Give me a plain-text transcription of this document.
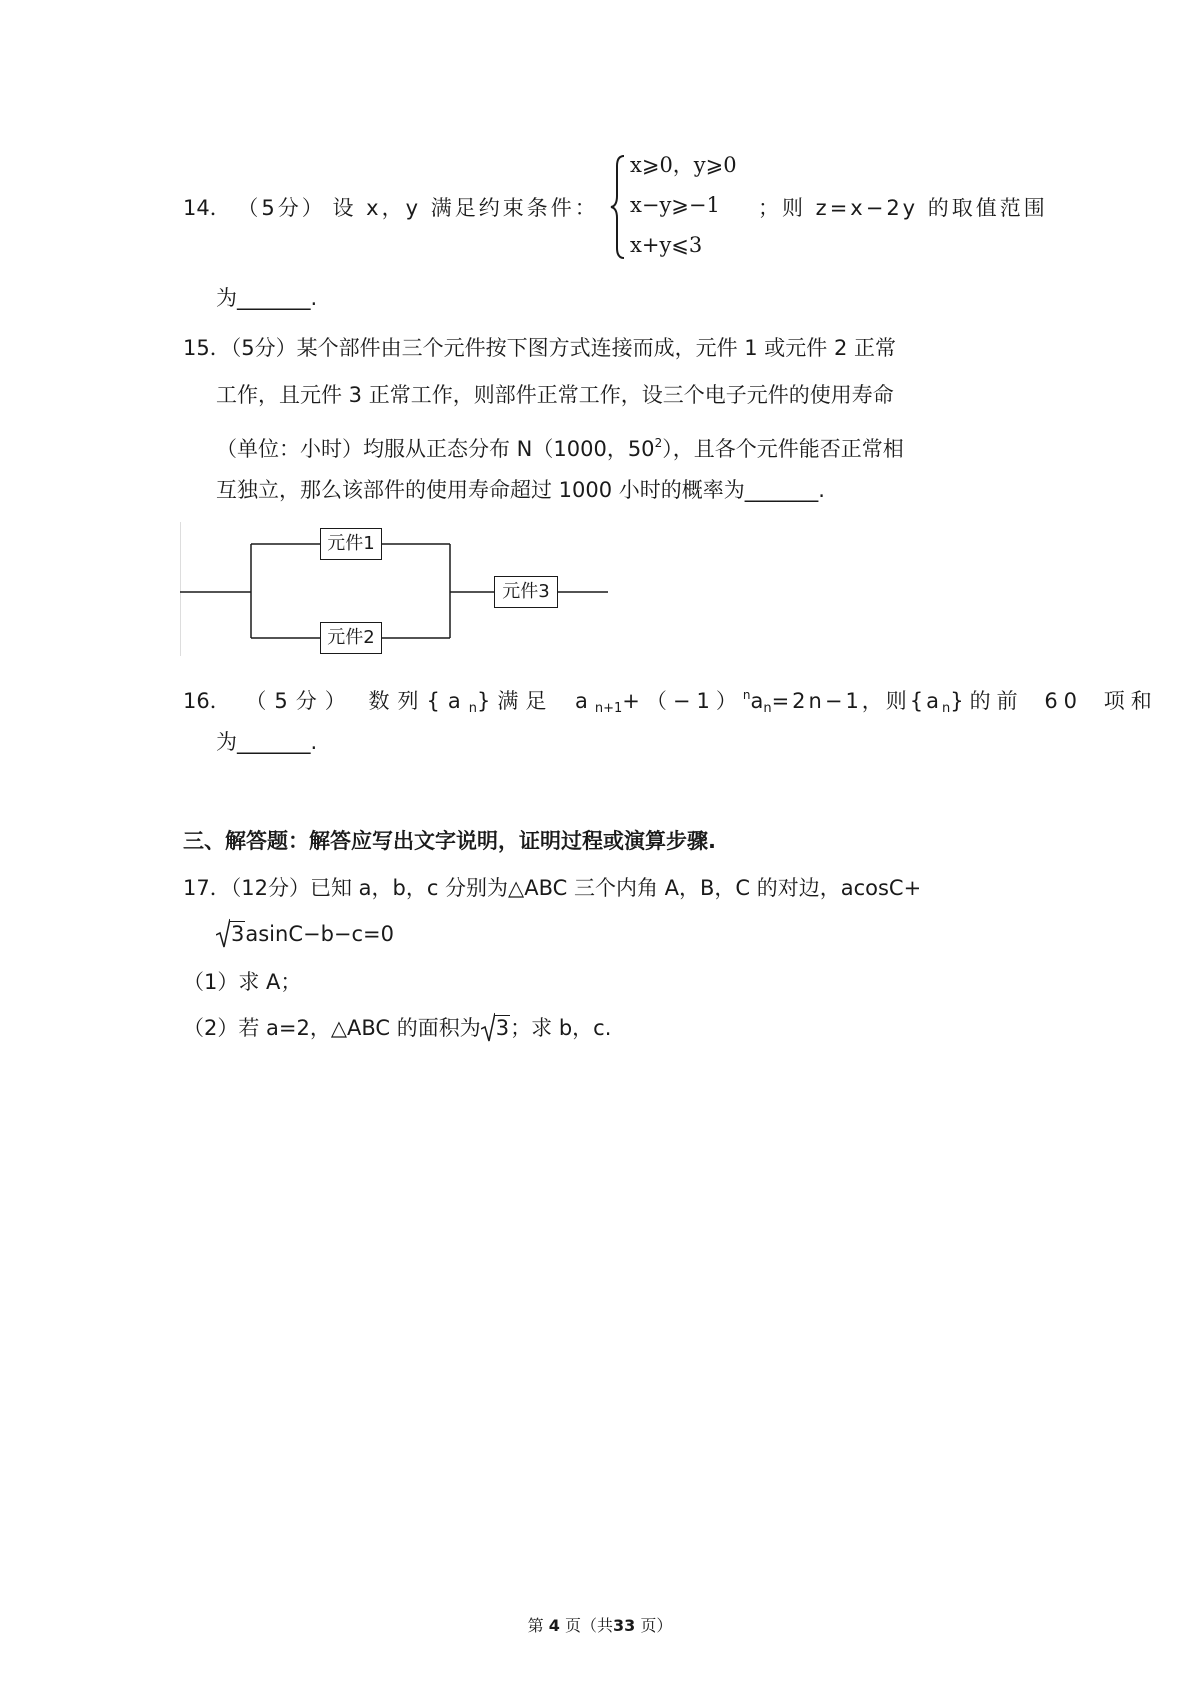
14． （5分） 设 x，y 满足约束条件：
x⩾0，y⩾0
x−y⩾−1
x+y⩽3
；则 z=x−2y 的取值范围
为_______.
15．（5分）某个部件由三个元件按下图方式连接而成，元件 1 或元件 2 正常
工作，且元件 3 正常工作，则部件正常工作，设三个电子元件的使用寿命
（单位：小时）均服从正态分布 N（1000，$50^2$），且各个元件能否正常相
互独立，那么该部件的使用寿命超过 1000 小时的概率为_______.
元件1
元件2
元件3
16． （5分） 数列$\{a_n\}$满足 $a_{n+1}+(-1)^na_n=2n-1$，则$\{a_n\}$的前 60 项和
为_______.
三、解答题：解答应写出文字说明，证明过程或演算步骤.
17．（12分）已知 a，b，c 分别为△ABC 三个内角 A，B，C 的对边，acosC+
3asinC−b−c=0
（1）求 A；
（2）若 a=2，△ABC 的面积为 3；求 b，c.
第 4 页（共33 页）
